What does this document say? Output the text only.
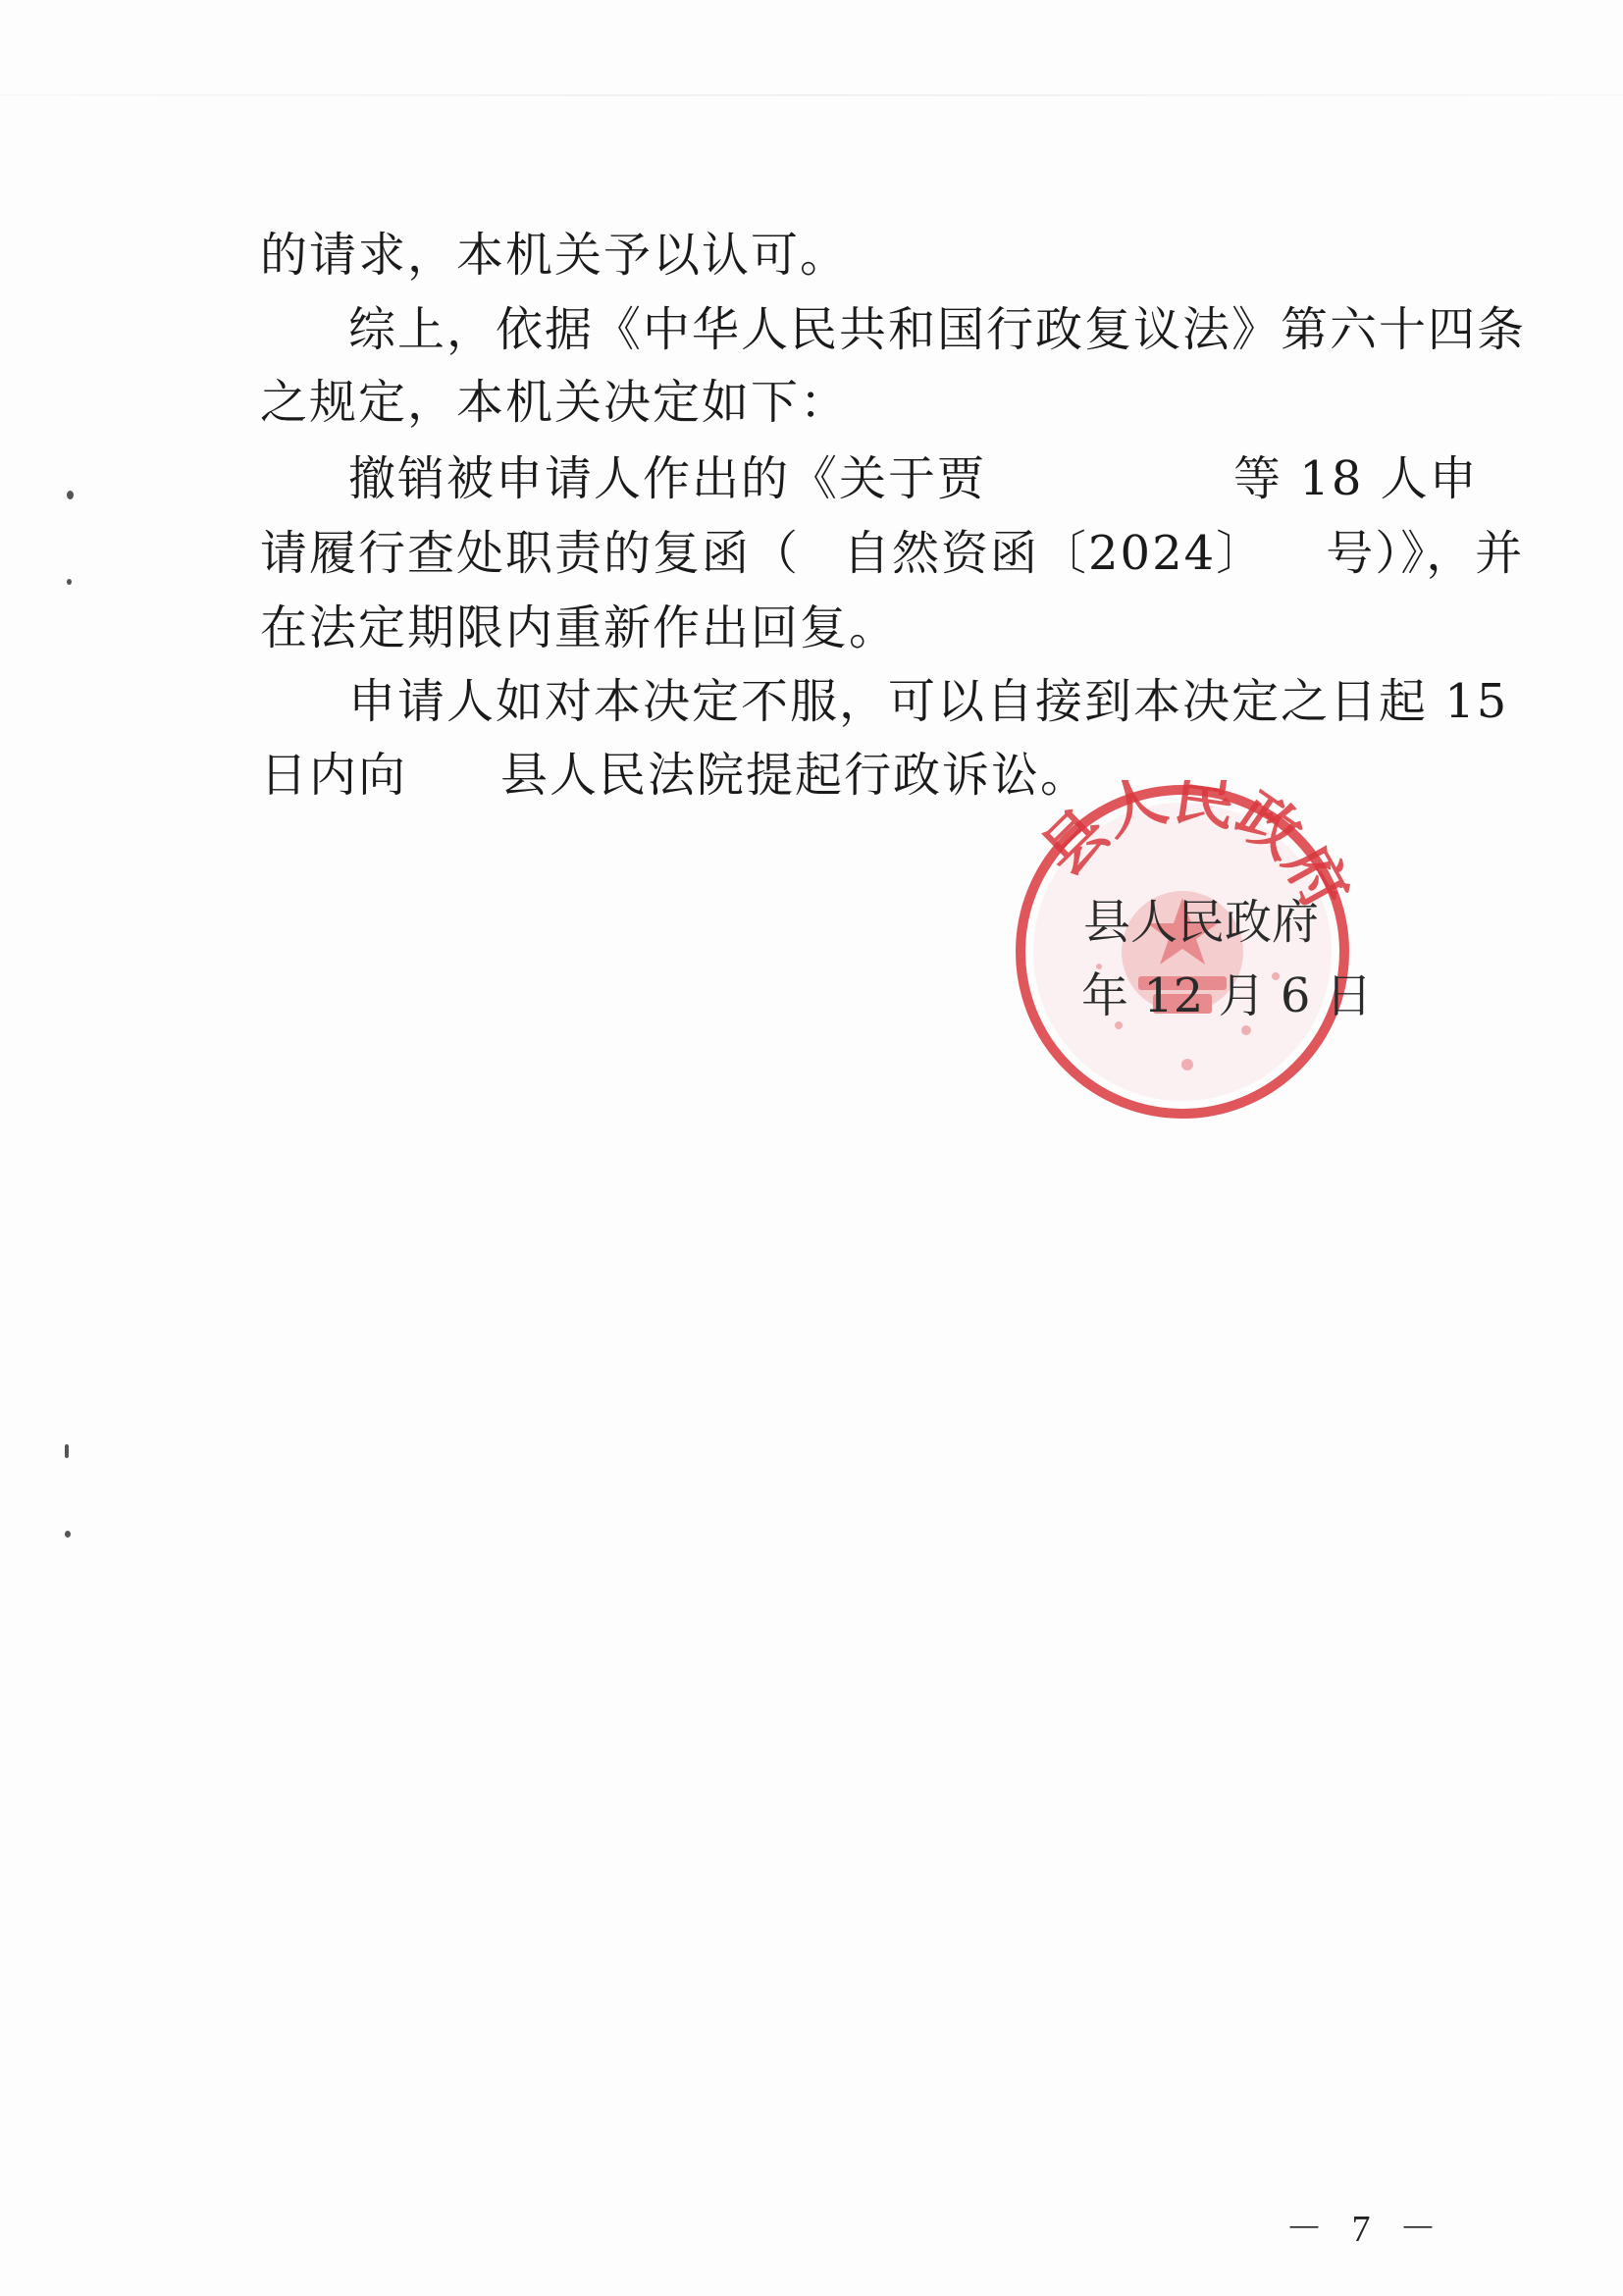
的请求，本机关予以认可。
综上，依据《中华人民共和国行政复议法》第六十四条
之规定，本机关决定如下：
撤销被申请人作出的《关于贾	等 18 人申
请履行查处职责的复函（ 自然资函〔2024〕 号）》，并
在法定期限内重新作出回复。
申请人如对本决定不服，可以自接到本决定之日起 15
日内向 县人民法院提起行政诉讼。
县人民政府
县人民政府
年 12 月 6 日
－ 7 －
